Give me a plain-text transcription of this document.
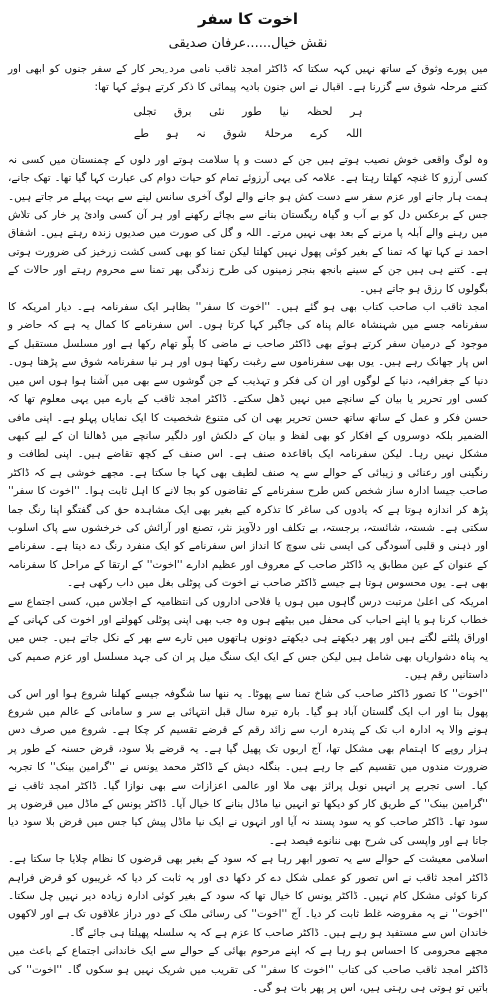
اخوت کا سفر
نقش خیال......عرفان صدیقی

میں پورے وثوق کے ساتھ نہیں کہہ سکتا کہ ڈاکٹر امجد ثاقب نامی مرد ِبحر کار کے سفر جنوں کو ابھی اور کتنے مرحلہ شوق سے گزرنا ہے۔ اقبال نے اس جنون بادیہ پیمائی کا ذکر کرتے ہوئے کہا تھا:

ہر لحظہ نیا طور نئی برق تجلی
اللہ کرے مرحلۂ شوق نہ ہو طے

وہ لوگ واقعی خوش نصیب ہوتے ہیں جن کے دست و پا سلامت ہوتے اور دلوں کے چمنستان میں کسی نہ کسی آرزو کا غنچہ کھلتا رہتا ہے۔ علامہ کی یہی آرزوئے تمام کو حیات دوام کی عبارت کہا گیا تھا۔ تھک جانے، ہمت ہار جانے اور عزم سفر سے دست کش ہو جانے والے لوگ آخری سانس لینے سے بہت پہلے مر جاتے ہیں۔ جس کے برعکس دل کو بے آب و گیاہ ریگستان بنانے سے بچائے رکھنے اور ہر آن کسی وادیٔ پر خار کی تلاش میں رہنے والے آبلہ پا مرنے کے بعد بھی نہیں مرتے۔ اللہ و گل کی صورت میں صدیوں زندہ رہتے ہیں۔ اشفاق احمد نے کہا تھا کہ تمنا کے بغیر کوئی پھول نہیں کھلتا لیکن تمنا کو بھی کسی کشت زرخیز کی ضرورت ہوتی ہے۔ کتنے ہی ہیں جن کے سینے بانجھ بنجر زمینوں کی طرح زندگی بھر تمنا سے محروم رہتے اور حالات کے بگولوں کا رزق ہو جاتے ہیں۔

امجد ثاقب اب صاحب کتاب بھی ہو گئے ہیں۔ ''اخوت کا سفر'' بظاہر ایک سفرنامہ ہے۔ دیار امریکہ کا سفرنامہ جسے میں شہنشاہ عالم پناہ کی جاگیر کہا کرتا ہوں۔ اس سفرنامے کا کمال یہ ہے کہ حاضر و موجود کے درمیان سفر کرتے ہوئے بھی ڈاکٹر صاحب نے ماضی کا پلّو تھام رکھا ہے اور مسلسل مستقبل کے اس پار جھانک رہے ہیں۔ یوں بھی سفرناموں سے رغبت رکھتا ہوں اور ہر نیا سفرنامہ شوق سے پڑھتا ہوں۔ دنیا کے جغرافیہ، دنیا کے لوگوں اور ان کی فکر و تہذیب کے جن گوشوں سے بھی میں آشنا ہوا ہوں اس میں کسی اور تحریر یا بیان کے سانچے میں نہیں ڈھل سکتے۔ ڈاکٹر امجد ثاقب کے بارے میں یہی معلوم تھا کہ حسن فکر و عمل کے ساتھ ساتھ حسن تحریر بھی ان کی متنوع شخصیت کا ایک نمایاں پہلو ہے۔ اپنی مافی الضمیر بلکہ دوسروں کے افکار کو بھی لفظ و بیان کے دلکش اور دلگیر سانچے میں ڈھالنا ان کے لیے کبھی مشکل نہیں رہا۔ لیکن سفرنامہ ایک باقاعدہ صنف ہے۔ اس صنف کے کچھ تقاضے ہیں۔ اپنی لطافت و رنگینی اور رعنائی و زیبائی کے حوالے سے یہ صنف لطیف بھی کہا جا سکتا ہے۔ مجھے خوشی ہے کہ ڈاکٹر صاحب جیسا ادارہ ساز شخص کس طرح سفرنامے کے تقاضوں کو بجا لانے کا اہل ثابت ہوا۔ ''اخوت کا سفر'' پڑھ کر اندازہ ہوتا ہے کہ یادوں کی ساغر کا تذکرہ کیے بغیر بھی ایک مشاہدہ حق کی گفتگو اپنا رنگ جما سکتی ہے۔ شستہ، شائستہ، برجستہ، بے تکلف اور دلآویز نثر، تصنع اور آرائش کی خرخشوں سے پاک اسلوب اور ذہنی و قلبی آسودگی کی ایسی نئی سوچ کا انداز اس سفرنامے کو ایک منفرد رنگ دے دیتا ہے۔ سفرنامے کے عنوان کے عین مطابق یہ ڈاکٹر صاحب کے معروف اور عظیم ادارے ''اخوت'' کے ارتقا کے مراحل کا سفرنامہ بھی ہے۔ یوں محسوس ہوتا ہے جیسے ڈاکٹر صاحب نے اخوت کی پوٹلی بغل میں داب رکھی ہے۔

امریکہ کی اعلیٰ مرتبت درس گاہوں میں ہوں یا فلاحی اداروں کی انتظامیہ کے اجلاس میں، کسی اجتماع سے خطاب کرنا ہو یا اپنے احباب کی محفل میں بیٹھے ہوں وہ جب بھی اپنی پوٹلی کھولتے اور اخوت کی کہانی کے اوراق پلٹنے لگتے ہیں اور پھر دیکھتے ہی دیکھتے دونوں ہاتھوں میں تارے سے بھر کے نکل جاتے ہیں۔ جس میں یہ پناہ دشواریاں بھی شامل ہیں لیکن جس کے ایک ایک سنگ میل پر ان کی جہد مسلسل اور عزم صمیم کی داستانیں رقم ہیں۔

''اخوت'' کا تصور ڈاکٹر صاحب کی شاخ تمنا سے پھوٹا۔ یہ ننھا سا شگوفہ جیسے کھلنا شروع ہوا اور اس کی پھول بنا اور اب ایک گلستان آباد ہو گیا۔ بارہ تیرہ سال قبل انتہائی بے سر و سامانی کے عالم میں شروع ہونے والا یہ ادارہ اب تک کے پندرہ ارب سے زائد رقم کے قرضے تقسیم کر چکا ہے۔ شروع میں صرف دس ہزار روپے کا اہتمام بھی مشکل تھا، آج اربوں تک پھیل گیا ہے۔ یہ قرضے بلا سود، قرض حسنہ کے طور پر ضرورت مندوں میں تقسیم کیے جا رہے ہیں۔ بنگلہ دیش کے ڈاکٹر محمد یونس نے ''گرامین بینک'' کا تجربہ کیا۔ اسی تجربے پر انہیں نوبل پرائز بھی ملا اور عالمی اعزازات سے بھی نوازا گیا۔ ڈاکٹر امجد ثاقب نے ''گرامین بینک'' کے طریق کار کو دیکھا تو انہیں نیا ماڈل بنانے کا خیال آیا۔ ڈاکٹر یونس کے ماڈل میں قرضوں پر سود تھا۔ ڈاکٹر صاحب کو یہ سود پسند نہ آیا اور انہوں نے ایک نیا ماڈل پیش کیا جس میں قرض بلا سود دیا جاتا ہے اور واپسی کی شرح بھی ننانوے فیصد ہے۔

اسلامی معیشت کے حوالے سے یہ تصور ابھر رہا ہے کہ سود کے بغیر بھی قرضوں کا نظام چلایا جا سکتا ہے۔ ڈاکٹر امجد ثاقب نے اس تصور کو عملی شکل دے کر دکھا دی اور یہ ثابت کر دیا کہ غریبوں کو قرض فراہم کرنا کوئی مشکل کام نہیں۔ ڈاکٹر یونس کا خیال تھا کہ سود کے بغیر کوئی ادارہ زیادہ دیر نہیں چل سکتا۔ ''اخوت'' نے یہ مفروضہ غلط ثابت کر دیا۔ آج ''اخوت'' کی رسائی ملک کے دور دراز علاقوں تک ہے اور لاکھوں خاندان اس سے مستفید ہو رہے ہیں۔ ڈاکٹر صاحب کا عزم ہے کہ یہ سلسلہ پھیلتا ہی جائے گا۔

مجھے محرومی کا احساس ہو رہا ہے کہ اپنے مرحوم بھائی کے حوالے سے ایک خاندانی اجتماع کے باعث میں ڈاکٹر امجد ثاقب صاحب کی کتاب ''اخوت کا سفر'' کی تقریب میں شریک نہیں ہو سکوں گا۔ ''اخوت'' کی باتیں تو ہوتی ہی رہتی ہیں، اس پر پھر بات ہو گی۔
